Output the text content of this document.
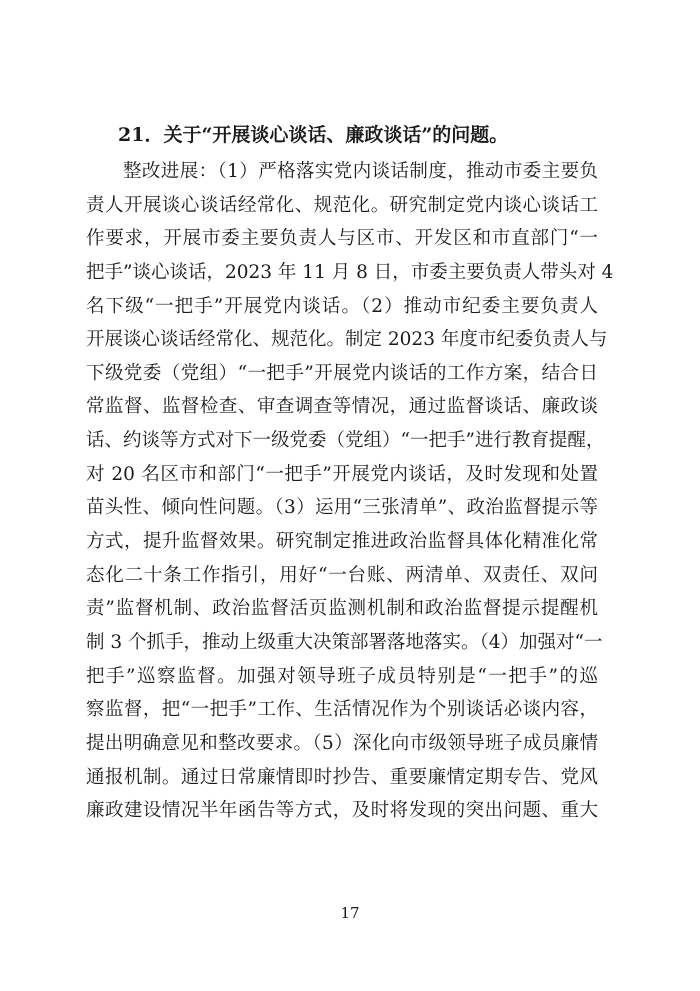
21．关于“开展谈心谈话、廉政谈话”的问题。
整改进展：（1）严格落实党内谈话制度，推动市委主要负
责人开展谈心谈话经常化、规范化。研究制定党内谈心谈话工
作要求，开展市委主要负责人与区市、开发区和市直部门“一
把手”谈心谈话，2023 年 11 月 8 日，市委主要负责人带头对 4
名下级“一把手”开展党内谈话。（2）推动市纪委主要负责人
开展谈心谈话经常化、规范化。制定 2023 年度市纪委负责人与
下级党委（党组）“一把手”开展党内谈话的工作方案，结合日
常监督、监督检查、审查调查等情况，通过监督谈话、廉政谈
话、约谈等方式对下一级党委（党组）“一把手”进行教育提醒，
对 20 名区市和部门“一把手”开展党内谈话，及时发现和处置
苗头性、倾向性问题。（3）运用“三张清单”、政治监督提示等
方式，提升监督效果。研究制定推进政治监督具体化精准化常
态化二十条工作指引，用好“一台账、两清单、双责任、双问
责”监督机制、政治监督活页监测机制和政治监督提示提醒机
制 3 个抓手，推动上级重大决策部署落地落实。（4）加强对“一
把手”巡察监督。加强对领导班子成员特别是“一把手”的巡
察监督，把“一把手”工作、生活情况作为个别谈话必谈内容，
提出明确意见和整改要求。（5）深化向市级领导班子成员廉情
通报机制。通过日常廉情即时抄告、重要廉情定期专告、党风
廉政建设情况半年函告等方式，及时将发现的突出问题、重大
17
